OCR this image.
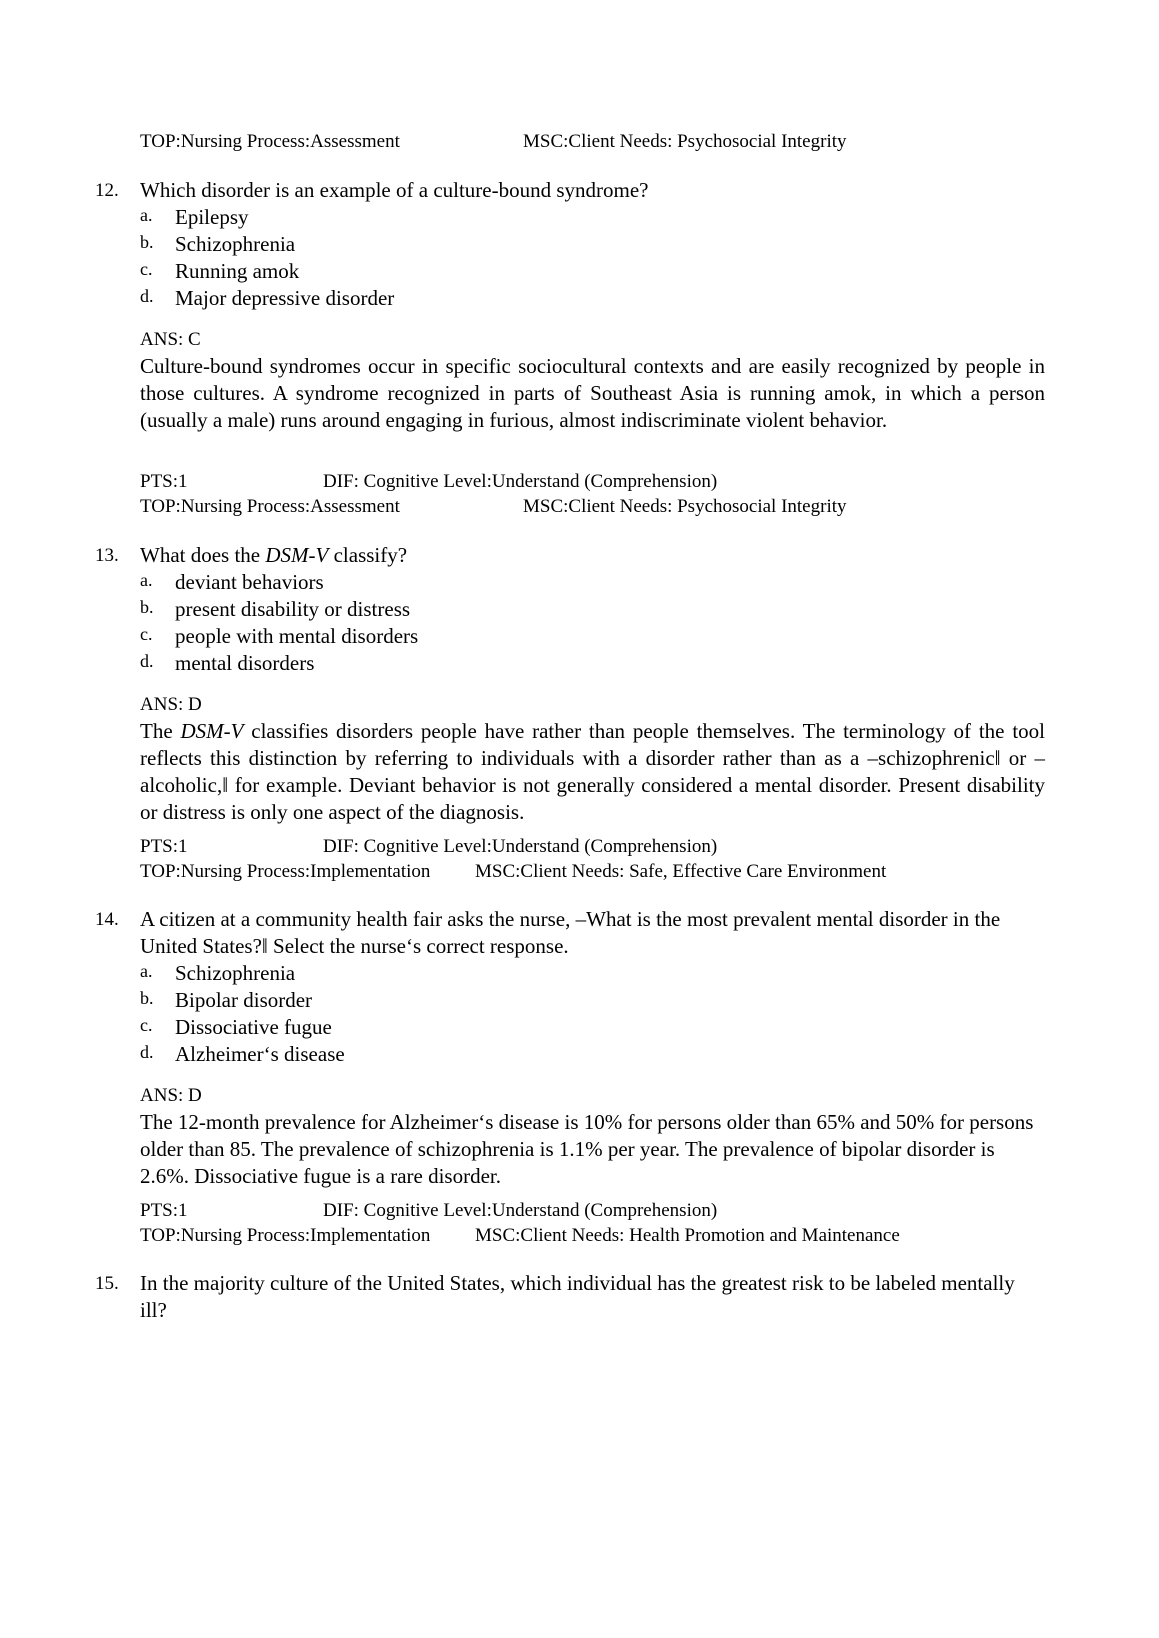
TOP:Nursing Process:Assessment	MSC:Client Needs: Psychosocial Integrity
12. Which disorder is an example of a culture-bound syndrome?
a. Epilepsy
b. Schizophrenia
c. Running amok
d. Major depressive disorder
ANS: C
Culture-bound syndromes occur in specific sociocultural contexts and are easily recognized by people in those cultures. A syndrome recognized in parts of Southeast Asia is running amok, in which a person (usually a male) runs around engaging in furious, almost indiscriminate violent behavior.
PTS:1	DIF: Cognitive Level:Understand (Comprehension)
TOP:Nursing Process:Assessment	MSC:Client Needs: Psychosocial Integrity
13. What does the DSM-V classify?
a. deviant behaviors
b. present disability or distress
c. people with mental disorders
d. mental disorders
ANS: D
The DSM-V classifies disorders people have rather than people themselves. The terminology of the tool reflects this distinction by referring to individuals with a disorder rather than as a –schizophrenic‖ or –alcoholic,‖ for example. Deviant behavior is not generally considered a mental disorder. Present disability or distress is only one aspect of the diagnosis.
PTS:1	DIF: Cognitive Level:Understand (Comprehension)
TOP:Nursing Process:Implementation MSC:Client Needs: Safe, Effective Care Environment
14. A citizen at a community health fair asks the nurse, –What is the most prevalent mental disorder in the United States?‖ Select the nurse‘s correct response.
a. Schizophrenia
b. Bipolar disorder
c. Dissociative fugue
d. Alzheimer‘s disease
ANS: D
The 12-month prevalence for Alzheimer‘s disease is 10% for persons older than 65% and 50% for persons older than 85. The prevalence of schizophrenia is 1.1% per year. The prevalence of bipolar disorder is 2.6%. Dissociative fugue is a rare disorder.
PTS:1	DIF: Cognitive Level:Understand (Comprehension)
TOP:Nursing Process:Implementation MSC:Client Needs: Health Promotion and Maintenance
15. In the majority culture of the United States, which individual has the greatest risk to be labeled mentally ill?
